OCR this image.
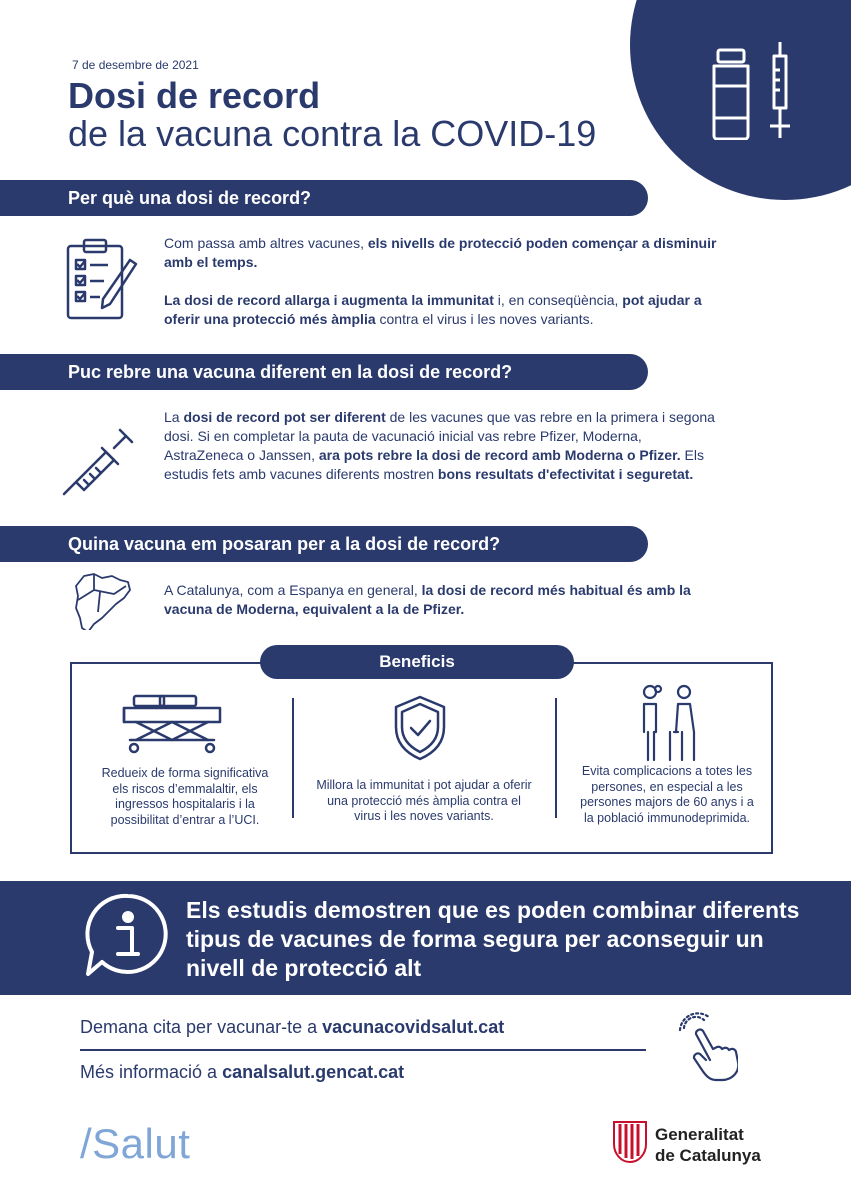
7 de desembre de 2021
Dosi de record
de la vacuna contra la COVID-19
Per què una dosi de record?
Com passa amb altres vacunes, els nivells de protecció poden començar a disminuir amb el temps.
La dosi de record allarga i augmenta la immunitat i, en conseqüència, pot ajudar a oferir una protecció més àmplia contra el virus i les noves variants.
Puc rebre una vacuna diferent en la dosi de record?
La dosi de record pot ser diferent de les vacunes que vas rebre en la primera i segona dosi. Si en completar la pauta de vacunació inicial vas rebre Pfizer, Moderna, AstraZeneca o Janssen, ara pots rebre la dosi de record amb Moderna o Pfizer. Els estudis fets amb vacunes diferents mostren bons resultats d'efectivitat i seguretat.
Quina vacuna em posaran per a la dosi de record?
A Catalunya, com a Espanya en general, la dosi de record més habitual és amb la vacuna de Moderna, equivalent a la de Pfizer.
Beneficis
Redueix de forma significativa els riscos d’emmalaltir, els ingressos hospitalaris i la possibilitat d’entrar a l’UCI.
Millora la immunitat i pot ajudar a oferir una protecció més àmplia contra el virus i les noves variants.
Evita complicacions a totes les persones, en especial a les persones majors de 60 anys i a la població immunodeprimida.
Els estudis demostren que es poden combinar diferents tipus de vacunes de forma segura per aconseguir un nivell de protecció alt
Demana cita per vacunar-te a vacunacovidsalut.cat
Més informació a canalsalut.gencat.cat
/Salut	Generalitat
de Catalunya
